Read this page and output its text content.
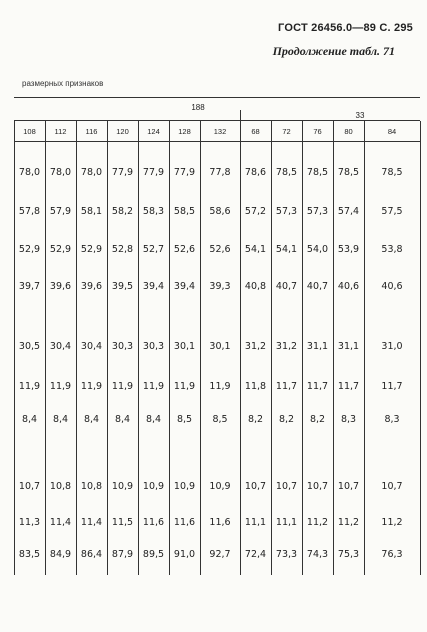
ГОСТ 26456.0—89 С. 295
Продолжение табл. 71
размерных признаков
188
33
108	112	116	120	124	128	132	68	72	76	80	84
78,0	78,0	78,0	77,9	77,9	77,9	77,8	78,6	78,5	78,5	78,5	78,5
57,8	57,9	58,1	58,2	58,3	58,5	58,6	57,2	57,3	57,3	57,4	57,5
52,9	52,9	52,9	52,8	52,7	52,6	52,6	54,1	54,1	54,0	53,9	53,8
39,7	39,6	39,6	39,5	39,4	39,4	39,3	40,8	40,7	40,7	40,6	40,6
30,5	30,4	30,4	30,3	30,3	30,1	30,1	31,2	31,2	31,1	31,1	31,0
11,9	11,9	11,9	11,9	11,9	11,9	11,9	11,8	11,7	11,7	11,7	11,7
8,4	8,4	8,4	8,4	8,4	8,5	8,5	8,2	8,2	8,2	8,3	8,3
10,7	10,8	10,8	10,9	10,9	10,9	10,9	10,7	10,7	10,7	10,7	10,7
11,3	11,4	11,4	11,5	11,6	11,6	11,6	11,1	11,1	11,2	11,2	11,2
83,5	84,9	86,4	87,9	89,5	91,0	92,7	72,4	73,3	74,3	75,3	76,3
